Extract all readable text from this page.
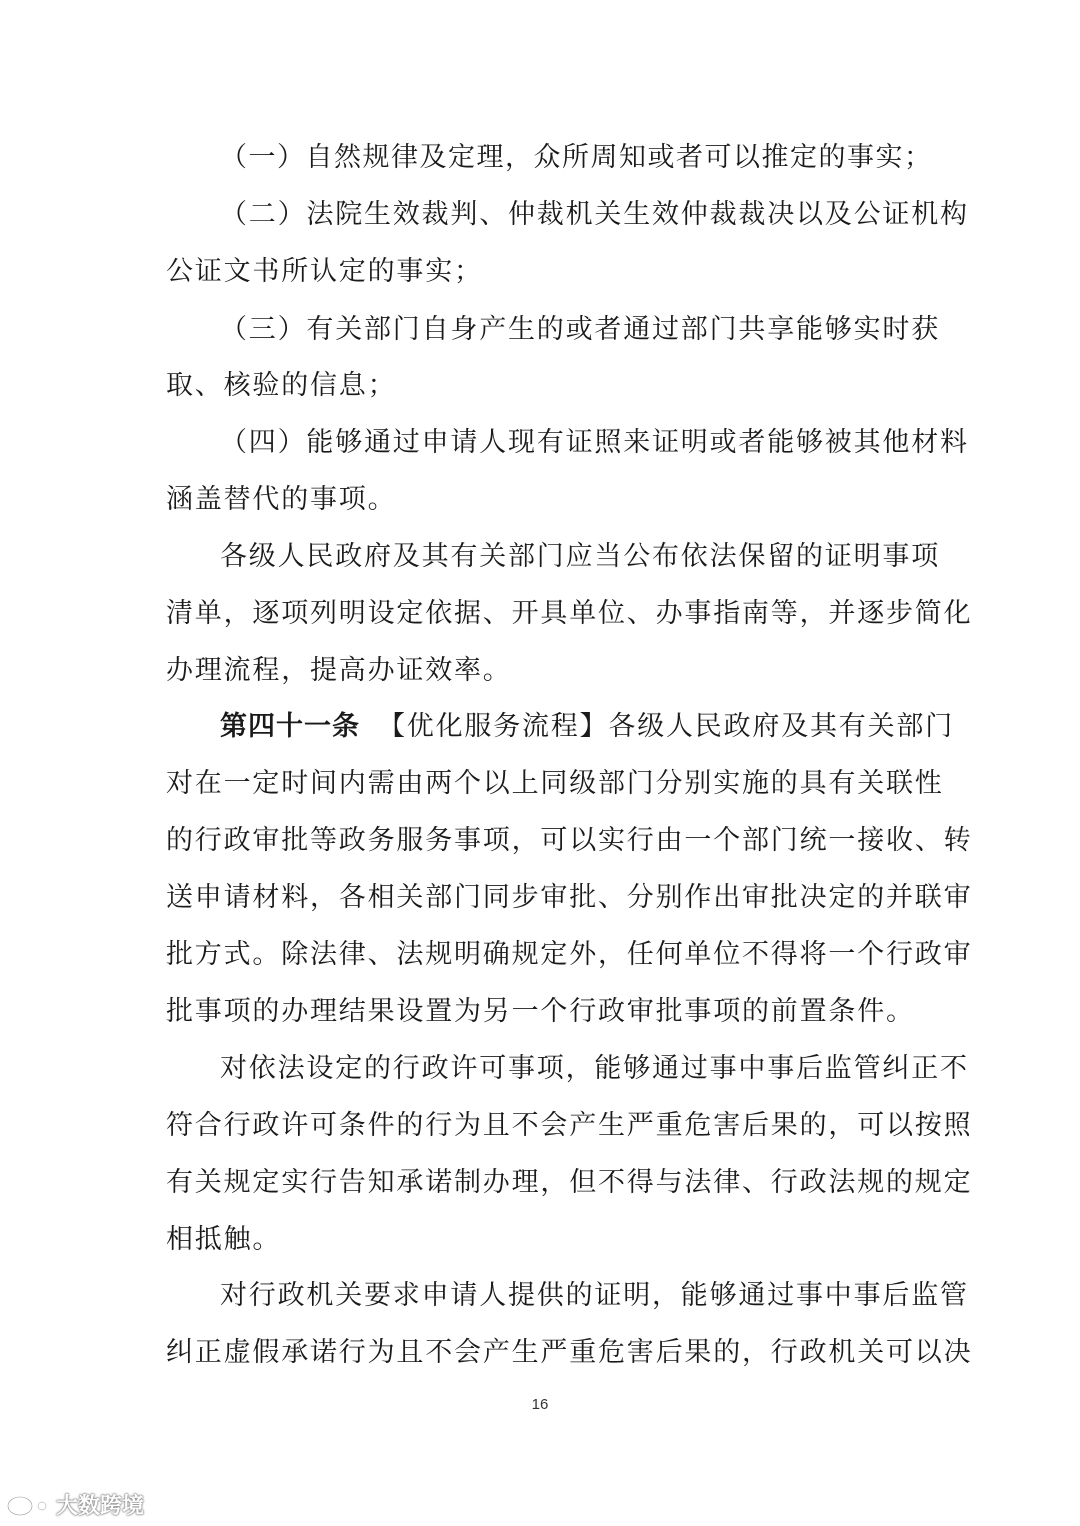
（一）自然规律及定理，众所周知或者可以推定的事实；
（二）法院生效裁判、仲裁机关生效仲裁裁决以及公证机构
公证文书所认定的事实；
（三）有关部门自身产生的或者通过部门共享能够实时获
取、核验的信息；
（四）能够通过申请人现有证照来证明或者能够被其他材料
涵盖替代的事项。
各级人民政府及其有关部门应当公布依法保留的证明事项
清单，逐项列明设定依据、开具单位、办事指南等，并逐步简化
办理流程，提高办证效率。
第四十一条 【优化服务流程】各级人民政府及其有关部门
对在一定时间内需由两个以上同级部门分别实施的具有关联性
的行政审批等政务服务事项，可以实行由一个部门统一接收、转
送申请材料，各相关部门同步审批、分别作出审批决定的并联审
批方式。除法律、法规明确规定外，任何单位不得将一个行政审
批事项的办理结果设置为另一个行政审批事项的前置条件。
对依法设定的行政许可事项，能够通过事中事后监管纠正不
符合行政许可条件的行为且不会产生严重危害后果的，可以按照
有关规定实行告知承诺制办理，但不得与法律、行政法规的规定
相抵触。
对行政机关要求申请人提供的证明，能够通过事中事后监管
纠正虚假承诺行为且不会产生严重危害后果的，行政机关可以决
16
大数跨境
